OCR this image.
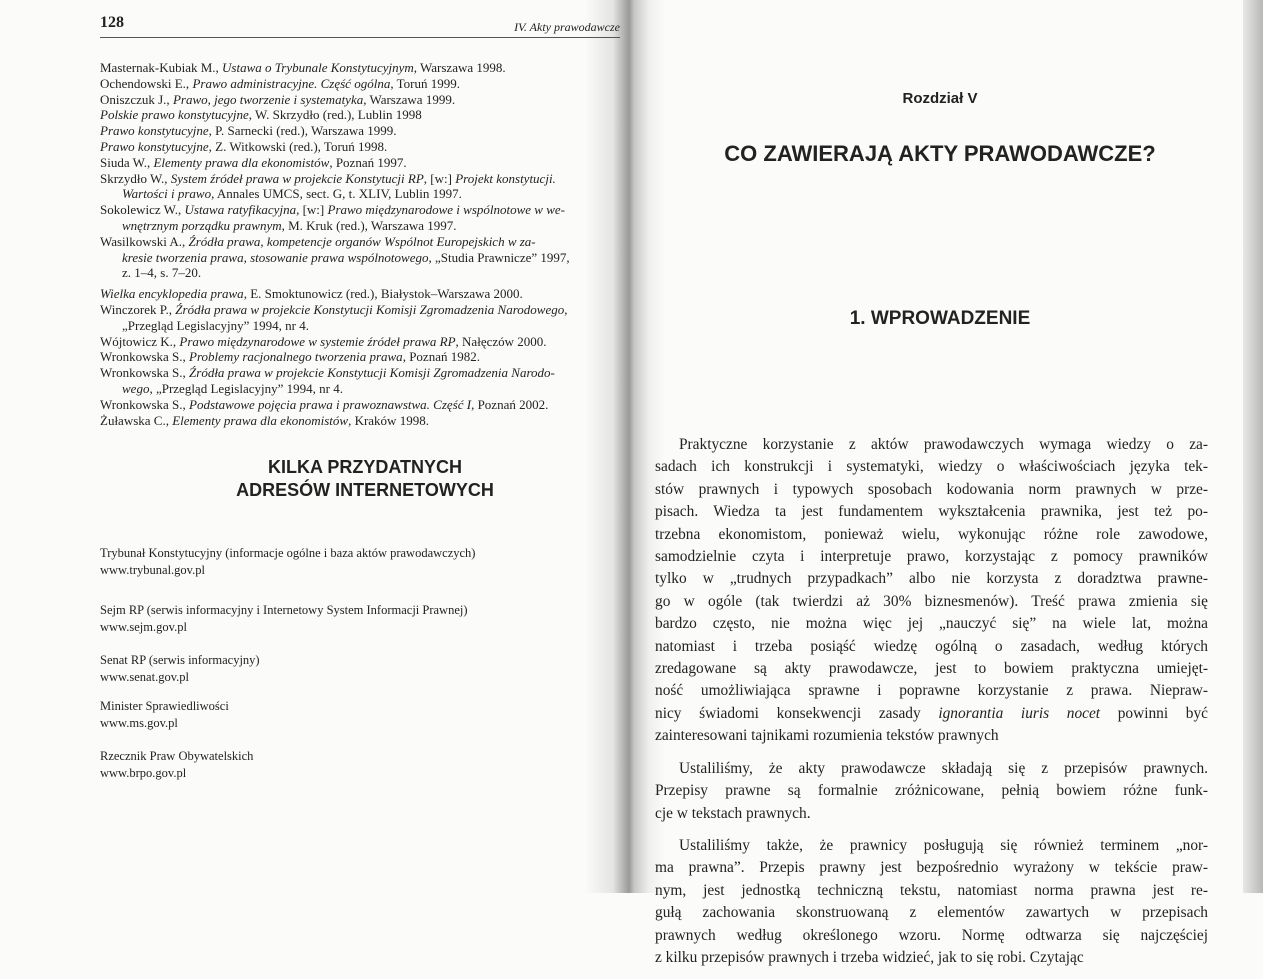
128	IV. Akty prawodawcze
Masternak-Kubiak M., Ustawa o Trybunale Konstytucyjnym, Warszawa 1998.
Ochendowski E., Prawo administracyjne. Część ogólna, Toruń 1999.
Oniszczuk J., Prawo, jego tworzenie i systematyka, Warszawa 1999.
Polskie prawo konstytucyjne, W. Skrzydło (red.), Lublin 1998
Prawo konstytucyjne, P. Sarnecki (red.), Warszawa 1999.
Prawo konstytucyjne, Z. Witkowski (red.), Toruń 1998.
Siuda W., Elementy prawa dla ekonomistów, Poznań 1997.
Skrzydło W., System źródeł prawa w projekcie Konstytucji RP, [w:] Projekt konstytucji.
Wartości i prawo, Annales UMCS, sect. G, t. XLIV, Lublin 1997.
Sokolewicz W., Ustawa ratyfikacyjna, [w:] Prawo międzynarodowe i wspólnotowe w we-
wnętrznym porządku prawnym, M. Kruk (red.), Warszawa 1997.
Wasilkowski A., Źródła prawa, kompetencje organów Wspólnot Europejskich w za-
kresie tworzenia prawa, stosowanie prawa wspólnotowego, „Studia Prawnicze” 1997,
z. 1–4, s. 7–20.
Wielka encyklopedia prawa, E. Smoktunowicz (red.), Białystok–Warszawa 2000.
Winczorek P., Źródła prawa w projekcie Konstytucji Komisji Zgromadzenia Narodowego,
„Przegląd Legislacyjny” 1994, nr 4.
Wójtowicz K., Prawo międzynarodowe w systemie źródeł prawa RP, Nałęczów 2000.
Wronkowska S., Problemy racjonalnego tworzenia prawa, Poznań 1982.
Wronkowska S., Źródła prawa w projekcie Konstytucji Komisji Zgromadzenia Narodo-
wego, „Przegląd Legislacyjny” 1994, nr 4.
Wronkowska S., Podstawowe pojęcia prawa i prawoznawstwa. Część I, Poznań 2002.
Żuławska C., Elementy prawa dla ekonomistów, Kraków 1998.
KILKA PRZYDATNYCH
ADRESÓW INTERNETOWYCH
Trybunał Konstytucyjny (informacje ogólne i baza aktów prawodawczych)
www.trybunal.gov.pl
Sejm RP (serwis informacyjny i Internetowy System Informacji Prawnej)
www.sejm.gov.pl
Senat RP (serwis informacyjny)
www.senat.gov.pl
Minister Sprawiedliwości
www.ms.gov.pl
Rzecznik Praw Obywatelskich
www.brpo.gov.pl
Rozdział V
CO ZAWIERAJĄ AKTY PRAWODAWCZE?
1. WPROWADZENIE
Praktyczne korzystanie z aktów prawodawczych wymaga wiedzy o za-
sadach ich konstrukcji i systematyki, wiedzy o właściwościach języka tek-
stów prawnych i typowych sposobach kodowania norm prawnych w prze-
pisach. Wiedza ta jest fundamentem wykształcenia prawnika, jest też po-
trzebna ekonomistom, ponieważ wielu, wykonując różne role zawodowe,
samodzielnie czyta i interpretuje prawo, korzystając z pomocy prawników
tylko w „trudnych przypadkach” albo nie korzysta z doradztwa prawne-
go w ogóle (tak twierdzi aż 30% biznesmenów). Treść prawa zmienia się
bardzo często, nie można więc jej „nauczyć się” na wiele lat, można
natomiast i trzeba posiąść wiedzę ogólną o zasadach, według których
zredagowane są akty prawodawcze, jest to bowiem praktyczna umiejęt-
ność umożliwiająca sprawne i poprawne korzystanie z prawa. Niepraw-
nicy świadomi konsekwencji zasady ignorantia iuris nocet powinni być
zainteresowani tajnikami rozumienia tekstów prawnych
Ustaliliśmy, że akty prawodawcze składają się z przepisów prawnych.
Przepisy prawne są formalnie zróżnicowane, pełnią bowiem różne funk-
cje w tekstach prawnych.
Ustaliliśmy także, że prawnicy posługują się również terminem „nor-
ma prawna”. Przepis prawny jest bezpośrednio wyrażony w tekście praw-
nym, jest jednostką techniczną tekstu, natomiast norma prawna jest re-
gułą zachowania skonstruowaną z elementów zawartych w przepisach
prawnych według określonego wzoru. Normę odtwarza się najczęściej
z kilku przepisów prawnych i trzeba widzieć, jak to się robi. Czytając
